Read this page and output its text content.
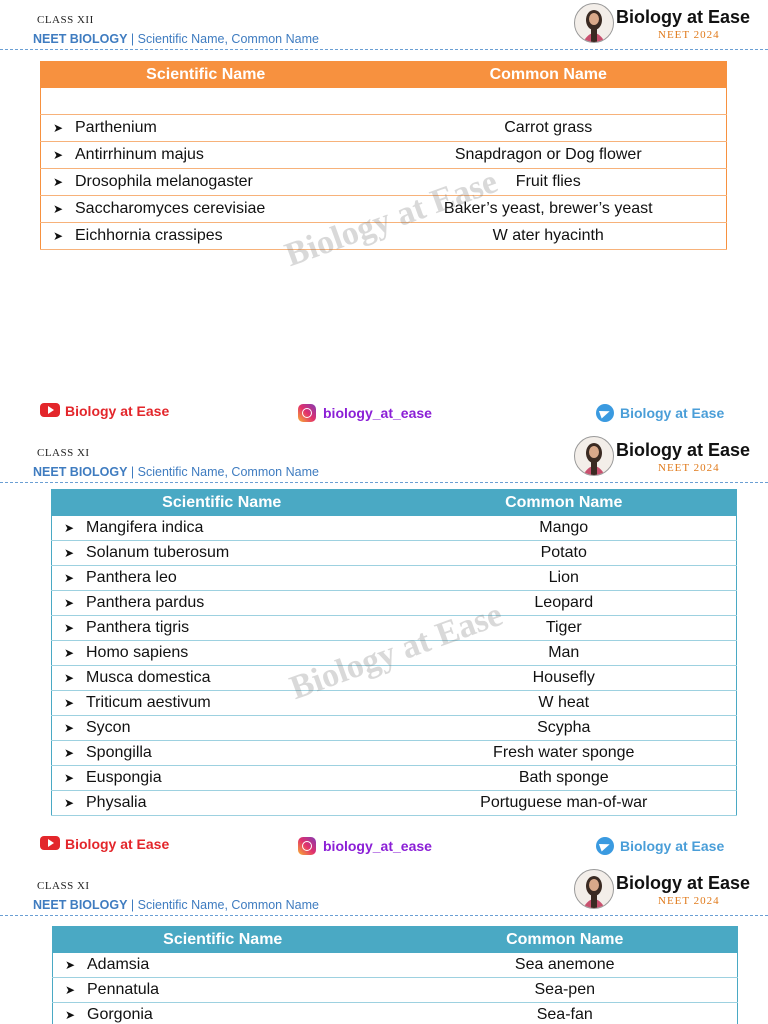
CLASS XII
NEET BIOLOGY | Scientific Name, Common Name
Biology at Ease
NEET 2024
Scientific Name	Common Name

➤ Parthenium	Carrot grass
➤ Antirrhinum majus	Snapdragon or Dog flower
➤ Drosophila melanogaster	Fruit flies
➤ Saccharomyces cerevisiae	Baker’s yeast, brewer’s yeast
➤ Eichhornia crassipes	W ater hyacinth
Biology at Ease
Biology at Ease	biology_at_ease	Biology at Ease
CLASS XI
NEET BIOLOGY | Scientific Name, Common Name
Biology at Ease
NEET 2024
Scientific Name	Common Name
➤ Mangifera indica	Mango
➤ Solanum tuberosum	Potato
➤ Panthera leo	Lion
➤ Panthera pardus	Leopard
➤ Panthera tigris	Tiger
➤ Homo sapiens	Man
➤ Musca domestica	Housefly
➤ Triticum aestivum	W heat
➤ Sycon	Scypha
➤ Spongilla	Fresh water sponge
➤ Euspongia	Bath sponge
➤ Physalia	Portuguese man-of-war
Biology at Ease
Biology at Ease	biology_at_ease	Biology at Ease
CLASS XI
NEET BIOLOGY | Scientific Name, Common Name
Biology at Ease
NEET 2024
Scientific Name	Common Name
➤ Adamsia	Sea anemone
➤ Pennatula	Sea-pen
➤ Gorgonia	Sea-fan
